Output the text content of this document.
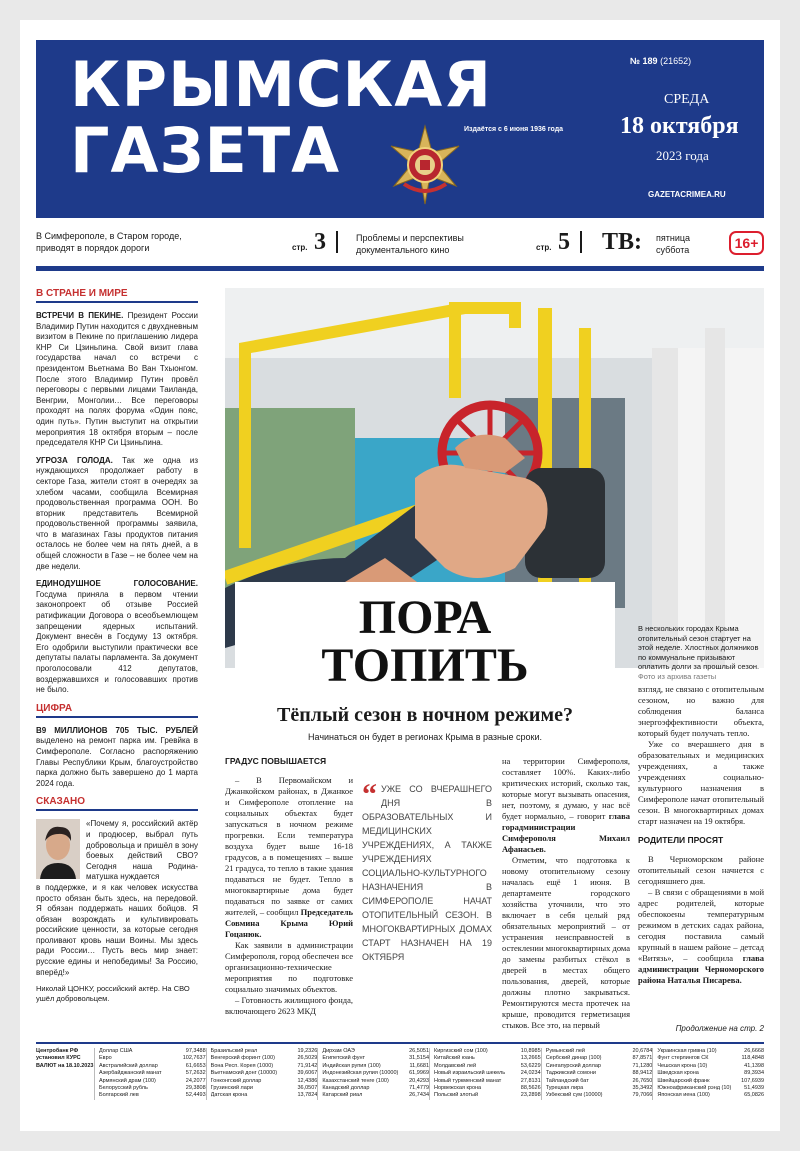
КРЫМСКАЯ
ГАЗЕТА	Издаётся с 6 июня 1936 года
№ 189 (21652)
СРЕДА
18 октября
2023 года
GAZETACRIMEA.RU
В Симферополе, в Старом городе, приводят в порядок дороги	стр. 3	Проблемы и перспективы документального кино	стр. 5 ТВ: пятница
суббота	16+
В СТРАНЕ И МИРЕ
ВСТРЕЧИ В ПЕКИНЕ. Президент России Владимир Путин находится с двухдневным визитом в Пекине по приглашению лидера КНР Си Цзиньпина. Свой визит глава государства начал со встречи с президентом Вьетнама Во Ван Тхыонгом. После этого Владимир Путин провёл переговоры с первыми лицами Таиланда, Венгрии, Монголии… Все переговоры проходят на полях форума «Один пояс, один путь». Путин выступит на открытии мероприятия 18 октября вторым – после председателя КНР Си Цзиньпина.
УГРОЗА ГОЛОДА. Так же одна из нуждающихся продолжает работу в секторе Газа, жители стоят в очередях за хлебом часами, сообщила Всемирная продовольственная программа ООН. Во вторник представитель Всемирной продовольственной программы заявила, что в магазинах Газы продуктов питания осталось не более чем на пять дней, а в общей сложности в Газе – не более чем на две недели.
ЕДИНОДУШНОЕ ГОЛОСОВАНИЕ. Госдума приняла в первом чтении законопроект об отзыве Россией ратификации Договора о всеобъемлющем запрещении ядерных испытаний. Документ внесён в Госдуму 13 октября. Его одобрили выступили практически все депутаты палаты парламента. За документ проголосовали 412 депутатов, воздержавшихся и голосовавших против не было.
ЦИФРА
В9 МИЛЛИОНОВ 705 ТЫС. РУБЛЕЙ выделено на ремонт парка им. Гревйка в Симферополе. Согласно распоряжению Главы Республики Крым, благоустройство парка должно быть завершено до 1 марта 2024 года.
СКАЗАНО
«Почему я, российский актёр и продюсер, выбрал путь добровольца и пришёл в зону боевых действий СВО? Сегодня наша Родина-матушка нуждается
в поддержке, и я как человек искусства просто обязан быть здесь, на передовой. Я обязан поддержать наших бойцов. Я обязан возрождать и культивировать российские ценности, за которые сегодня проливают кровь наши Воины. Мы здесь ради России… Пусть весь мир знает: русские едины и непобедимы! За Россию, вперёд!»
Николай ЦОНКУ, российский актёр. На СВО ушёл добровольцем.
ПОРА
ТОПИТЬ
В нескольких городах Крыма отопительный сезон стартует на этой неделе. Хлостных должников по коммунальне призывают оплатить долги за прошлый сезон.
Фото из архива газеты
Тёплый сезон в ночном режиме?
Начинаться он будет в регионах Крыма в разные сроки.
ГРАДУС ПОВЫШАЕТСЯ

– В Первомайском и Джанкойском районах, в Джанкое и Симферополе отопление на социальных объектах будет запускаться в ночном режиме прогревки. Если температура воздуха будет выше 16-18 градусов, а в помещениях – выше 21 градуса, то тепло в такие здания подаваться не будет. Тепло в многоквартирные дома будет подаваться по заявке от самих жителей, – сообщил Председатель Совмина Крыма Юрий Гоцанюк.

Как заявили в администрации Симферополя, город обеспечен все организационно-технические мероприятия по подготовке социально значимых объектов.

– Готовность жилищного фонда, включающего 2623 МКД

“ УЖЕ СО ВЧЕРАШНЕГО ДНЯ В ОБРАЗОВАТЕЛЬНЫХ И МЕДИЦИНСКИХ УЧРЕЖДЕНИЯХ, А ТАКЖЕ УЧРЕЖДЕНИЯХ СОЦИАЛЬНО-КУЛЬТУРНОГО НАЗНАЧЕНИЯ В СИМФЕРОПОЛЕ НАЧАТ ОТОПИТЕЛЬНЫЙ СЕЗОН. В МНОГОКВАРТИРНЫХ ДОМАХ СТАРТ НАЗНАЧЕН НА 19 ОКТЯБРЯ

на территории Симферополя, составляет 100%. Каких-либо критических историй, сколько так, которые могут вызывать опасения, нет, поэтому, я думаю, у нас всё будет нормально, – говорит глава горадминистрации Симферополя Михаил Афанасьев.

Отметим, что подготовка к новому отопительному сезону началась ещё 1 июня. В департаменте городского хозяйства уточнили, что это включает в себя целый ряд обязательных мероприятий – от устранения неисправностей в остеклении многоквартирных дома до замены разбитых стёкол в дверей в местах общего пользования, дверей, которые должны плотно закрываться. Ремонтируются места протечек на крыше, проводится герметизация стыков. Все это, на первый

взгляд, не связано с отопительным сезоном, но важно для соблюдения баланса энергоэффективности объекта, который будет получать тепло.

Уже со вчерашнего дня в образовательных и медицинских учреждениях, а также учреждениях социально-культурного назначения в Симферополе начат отопительный сезон. В многоквартирных домах старт назначен на 19 октября.

РОДИТЕЛИ ПРОСЯТ

В Черноморском районе отопительный сезон начнется с сегодняшнего дня.

– В связи с обращениями в мой адрес родителей, которые обеспокоены температурным режимом в детских садах района, сегодня поставила самый крупный в нашем районе – детсад «Витязь», – сообщила глава администрации Черноморского района Наталья Писарева.

Продолжение на стр. 2
Центробанк РФ установил КУРС ВАЛЮТ на 18.10.2023
Доллар США	97,3488
Евро	102,7637
Австралийский доллар	61,6653
Азербайджанский манат	57,2632
Армянский драм (100)	24,2077
Белорусский рубль	29,3808
Болгарский лев	52,4493
Бразильский реал	19,2326
Венгерский форинт (100)	26,5029
Вона Респ. Корея (1000)	71,9142
Вьетнамский донг (10000)	39,6067
Гонконгский доллар	12,4386
Грузинский лари	36,0507
Датская крона	13,7824
Дирхам ОАЭ	26,5051
Египетский фунт	31,5154
Индийская рупия (100)	11,6681
Индонезийская рупия (10000) 61,9969
Казахстанский тенге (100)	20,4293
Канадский доллар	71,4779
Катарский риал	26,7434
Киргизский сом (100)	10,8985
Китайский юань	13,2665
Молдавский лей	53,6229
Новый израильский шекель	24,0234
Новый туркменский манат	27,8131
Норвежская крона	88,5626
Польский злотый	23,2898
Румынский лей	20,6784
Сербский динар (100)	87,8571
Сингапурский доллар	71,1280
Таджикский сомони	88,9412
Тайландский бат	26,7650
Турецкая лира	35,3492
Узбекский сум (10000)	79,7066
Украинская гривна (10)	26,6668
Фунт стерлингов СК	118,4848
Чешская крона (10)	41,1398
Шведская крона	89,3934
Швейцарский франк	107,6939
Южноафриканский рэнд (10) 51,4939
Японская иена (100)	65,0826
